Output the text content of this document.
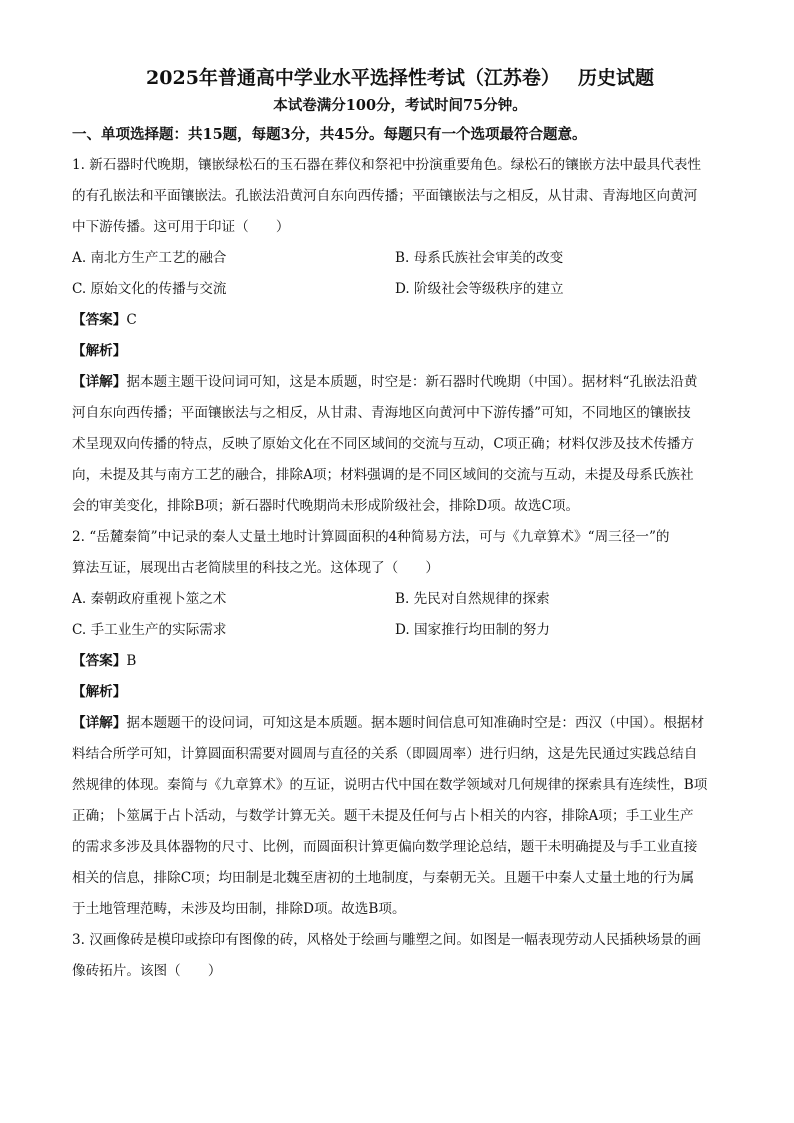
2025年普通高中学业水平选择性考试（江苏卷） 历史试题
本试卷满分100分，考试时间75分钟。
一、单项选择题：共15题，每题3分，共45分。每题只有一个选项最符合题意。

1. 新石器时代晚期，镶嵌绿松石的玉石器在葬仪和祭祀中扮演重要角色。绿松石的镶嵌方法中最具代表性

的有孔嵌法和平面镶嵌法。孔嵌法沿黄河自东向西传播；平面镶嵌法与之相反，从甘肃、青海地区向黄河

中下游传播。这可用于印证（　　）

A. 南北方生产工艺的融合	B. 母系氏族社会审美的改变
C. 原始文化的传播与交流	D. 阶级社会等级秩序的建立
【答案】C
【解析】

【详解】据本题主题干设问词可知，这是本质题，时空是：新石器时代晚期（中国）。据材料“孔嵌法沿黄

河自东向西传播；平面镶嵌法与之相反，从甘肃、青海地区向黄河中下游传播”可知，不同地区的镶嵌技

术呈现双向传播的特点，反映了原始文化在不同区域间的交流与互动，C项正确；材料仅涉及技术传播方

向，未提及其与南方工艺的融合，排除A项；材料强调的是不同区域间的交流与互动，未提及母系氏族社

会的审美变化，排除B项；新石器时代晚期尚未形成阶级社会，排除D项。故选C项。

2. “岳麓秦简”中记录的秦人丈量土地时计算圆面积的4种简易方法，可与《九章算术》“周三径一”的

算法互证，展现出古老简牍里的科技之光。这体现了（　　）

A. 秦朝政府重视卜筮之术	B. 先民对自然规律的探索
C. 手工业生产的实际需求	D. 国家推行均田制的努力
【答案】B
【解析】

【详解】据本题题干的设问词，可知这是本质题。据本题时间信息可知准确时空是：西汉（中国）。根据材

料结合所学可知，计算圆面积需要对圆周与直径的关系（即圆周率）进行归纳，这是先民通过实践总结自

然规律的体现。秦简与《九章算术》的互证，说明古代中国在数学领域对几何规律的探索具有连续性，B项

正确；卜筮属于占卜活动，与数学计算无关。题干未提及任何与占卜相关的内容，排除A项；手工业生产

的需求多涉及具体器物的尺寸、比例，而圆面积计算更偏向数学理论总结，题干未明确提及与手工业直接

相关的信息，排除C项；均田制是北魏至唐初的土地制度，与秦朝无关。且题干中秦人丈量土地的行为属

于土地管理范畴，未涉及均田制，排除D项。故选B项。

3. 汉画像砖是模印或捺印有图像的砖，风格处于绘画与雕塑之间。如图是一幅表现劳动人民插秧场景的画

像砖拓片。该图（　　）
